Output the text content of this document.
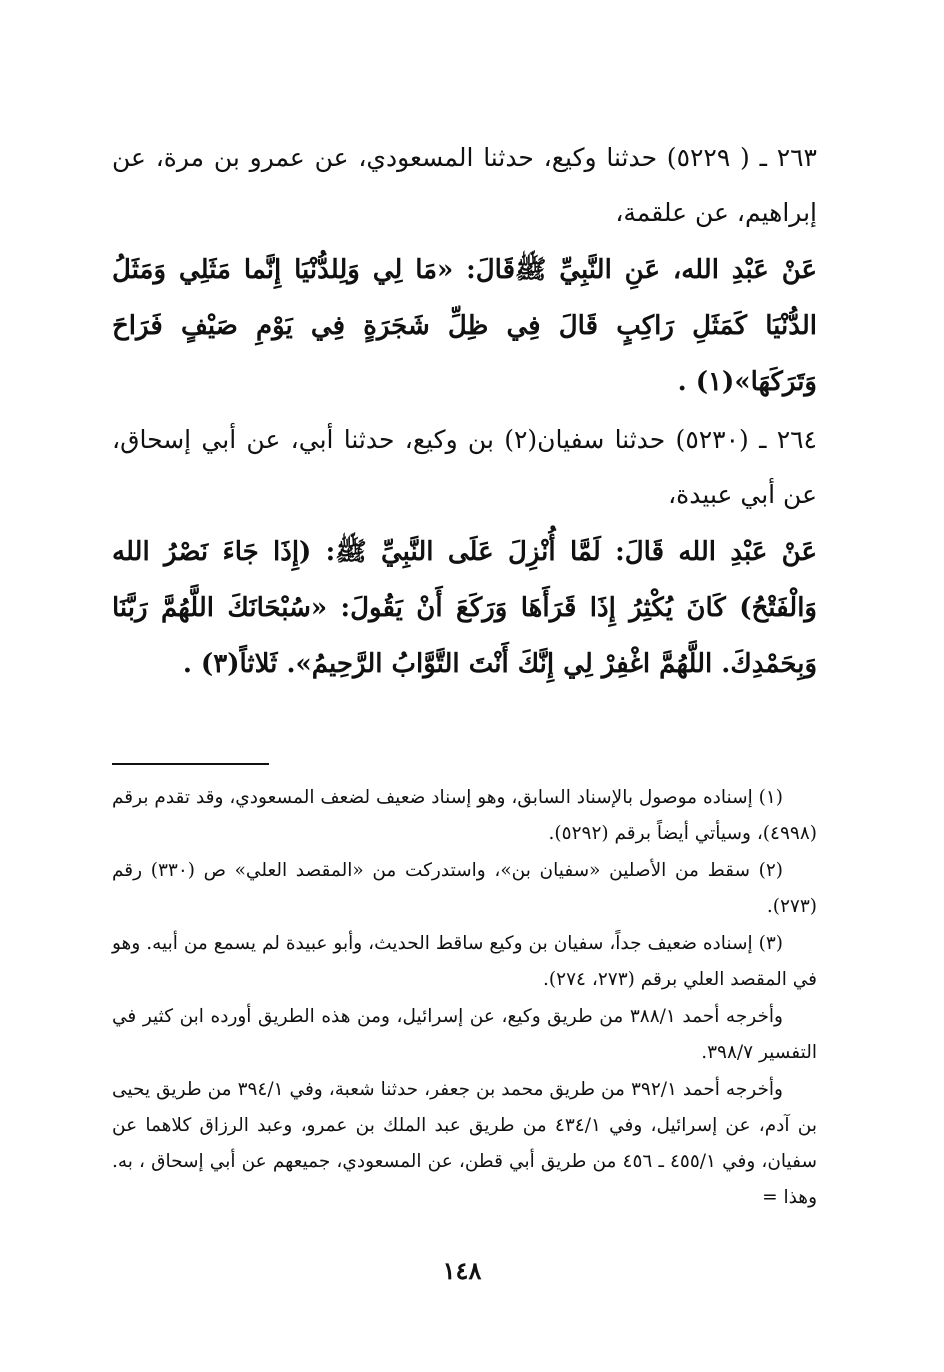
٢٦٣ ـ ( ٥٢٢٩) حدثنا وكيع، حدثنا المسعودي، عن عمرو بن مرة، عن إبراهيم، عن علقمة،

عَنْ عَبْدِ الله، عَنِ النَّبِيِّ ﷺقَالَ: «مَا لِي وَلِلدُّنْيَا إِنَّما مَثَلِي وَمَثَلُ الدُّنْيَا كَمَثَلِ رَاكِبٍ قَالَ فِي ظِلِّ شَجَرَةٍ فِي يَوْمِ صَيْفٍ فَرَاحَ وَتَرَكَهَا»(١) .

٢٦٤ ـ (٥٢٣٠) حدثنا سفيان(٢) بن وكيع، حدثنا أبي، عن أبي إسحاق، عن أبي عبيدة،

عَنْ عَبْدِ الله قَالَ: لَمَّا أُنْزِلَ عَلَى النَّبِيِّ ﷺ: (إِذَا جَاءَ نَصْرُ الله وَالْفَتْحُ) كَانَ يُكْثِرُ إِذَا قَرَأَهَا وَرَكَعَ أَنْ يَقُولَ: «سُبْحَانَكَ اللَّهُمَّ رَبَّنَا وَبِحَمْدِكَ. اللَّهُمَّ اغْفِرْ لِي إِنَّكَ أَنْتَ التَّوَّابُ الرَّحِيمُ». ثَلاثاً(٣) .

(١) إسناده موصول بالإسناد السابق، وهو إسناد ضعيف لضعف المسعودي، وقد تقدم برقم (٤٩٩٨)، وسيأتي أيضاً برقم (٥٢٩٢).

(٢) سقط من الأصلين «سفيان بن»، واستدركت من «المقصد العلي» ص (٣٣٠) رقم (٢٧٣).

(٣) إسناده ضعيف جداً، سفيان بن وكيع ساقط الحديث، وأبو عبيدة لم يسمع من أبيه. وهو في المقصد العلي برقم (٢٧٣، ٢٧٤).

وأخرجه أحمد ٣٨٨/١ من طريق وكيع، عن إسرائيل، ومن هذه الطريق أورده ابن كثير في التفسير ٣٩٨/٧.

وأخرجه أحمد ٣٩٢/١ من طريق محمد بن جعفر، حدثنا شعبة، وفي ٣٩٤/١ من طريق يحيى بن آدم، عن إسرائيل، وفي ٤٣٤/١ من طريق عبد الملك بن عمرو، وعبد الرزاق كلاهما عن سفيان، وفي ٤٥٥/١ ـ ٤٥٦ من طريق أبي قطن، عن المسعودي، جميعهم عن أبي إسحاق ، به. وهذا =

١٤٨
